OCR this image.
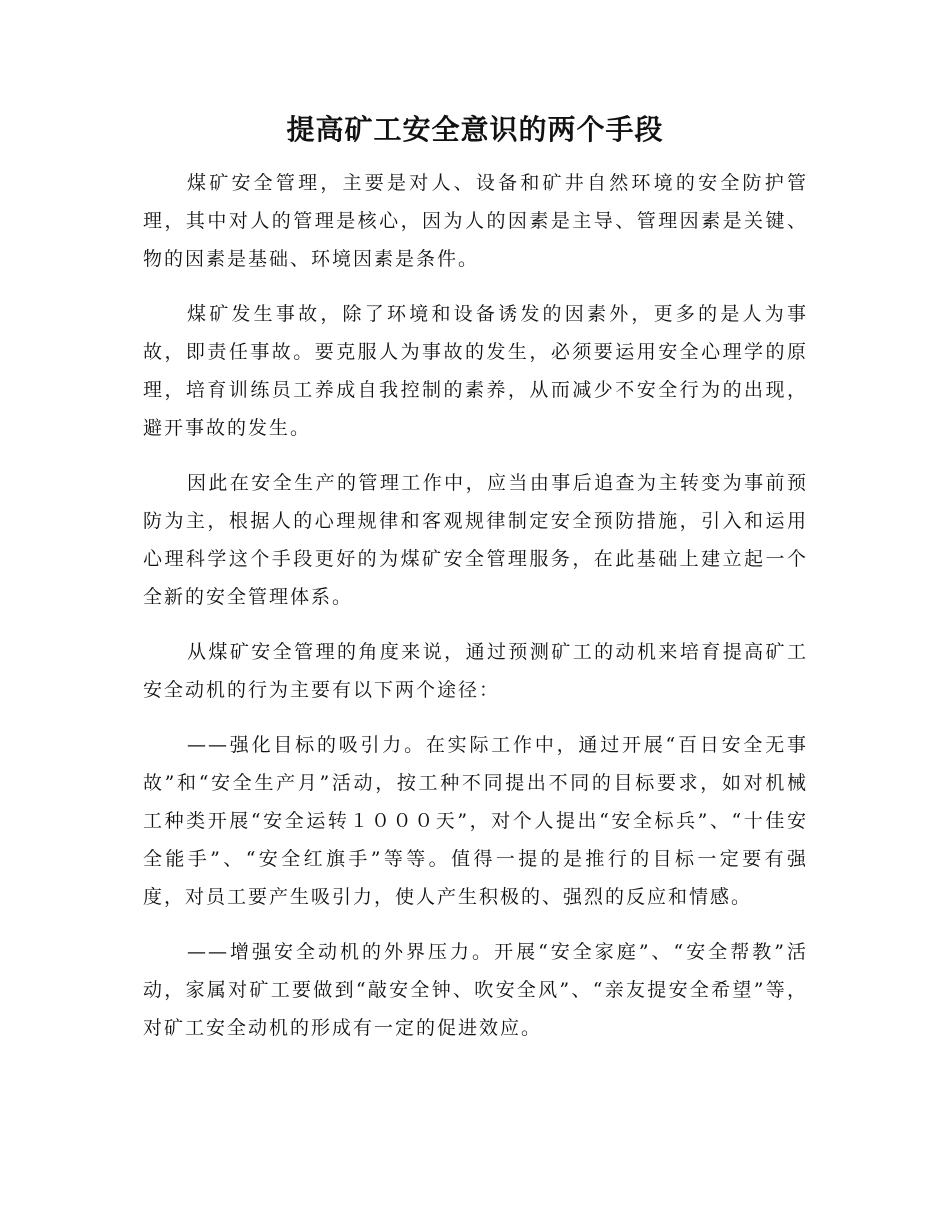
提高矿工安全意识的两个手段

煤矿安全管理，主要是对人、设备和矿井自然环境的安全防护管理，其中对人的管理是核心，因为人的因素是主导、管理因素是关键、物的因素是基础、环境因素是条件。

煤矿发生事故，除了环境和设备诱发的因素外，更多的是人为事故，即责任事故。要克服人为事故的发生，必须要运用安全心理学的原理，培育训练员工养成自我控制的素养，从而减少不安全行为的出现，避开事故的发生。

因此在安全生产的管理工作中，应当由事后追查为主转变为事前预防为主，根据人的心理规律和客观规律制定安全预防措施，引入和运用心理科学这个手段更好的为煤矿安全管理服务，在此基础上建立起一个全新的安全管理体系。

从煤矿安全管理的角度来说，通过预测矿工的动机来培育提高矿工安全动机的行为主要有以下两个途径：

——强化目标的吸引力。在实际工作中，通过开展“百日安全无事故”和“安全生产月”活动，按工种不同提出不同的目标要求，如对机械工种类开展“安全运转１０００天”，对个人提出“安全标兵”、“十佳安全能手”、“安全红旗手”等等。值得一提的是推行的目标一定要有强度，对员工要产生吸引力，使人产生积极的、强烈的反应和情感。

——增强安全动机的外界压力。开展“安全家庭”、“安全帮教”活动，家属对矿工要做到“敲安全钟、吹安全风”、“亲友提安全希望”等，对矿工安全动机的形成有一定的促进效应。
